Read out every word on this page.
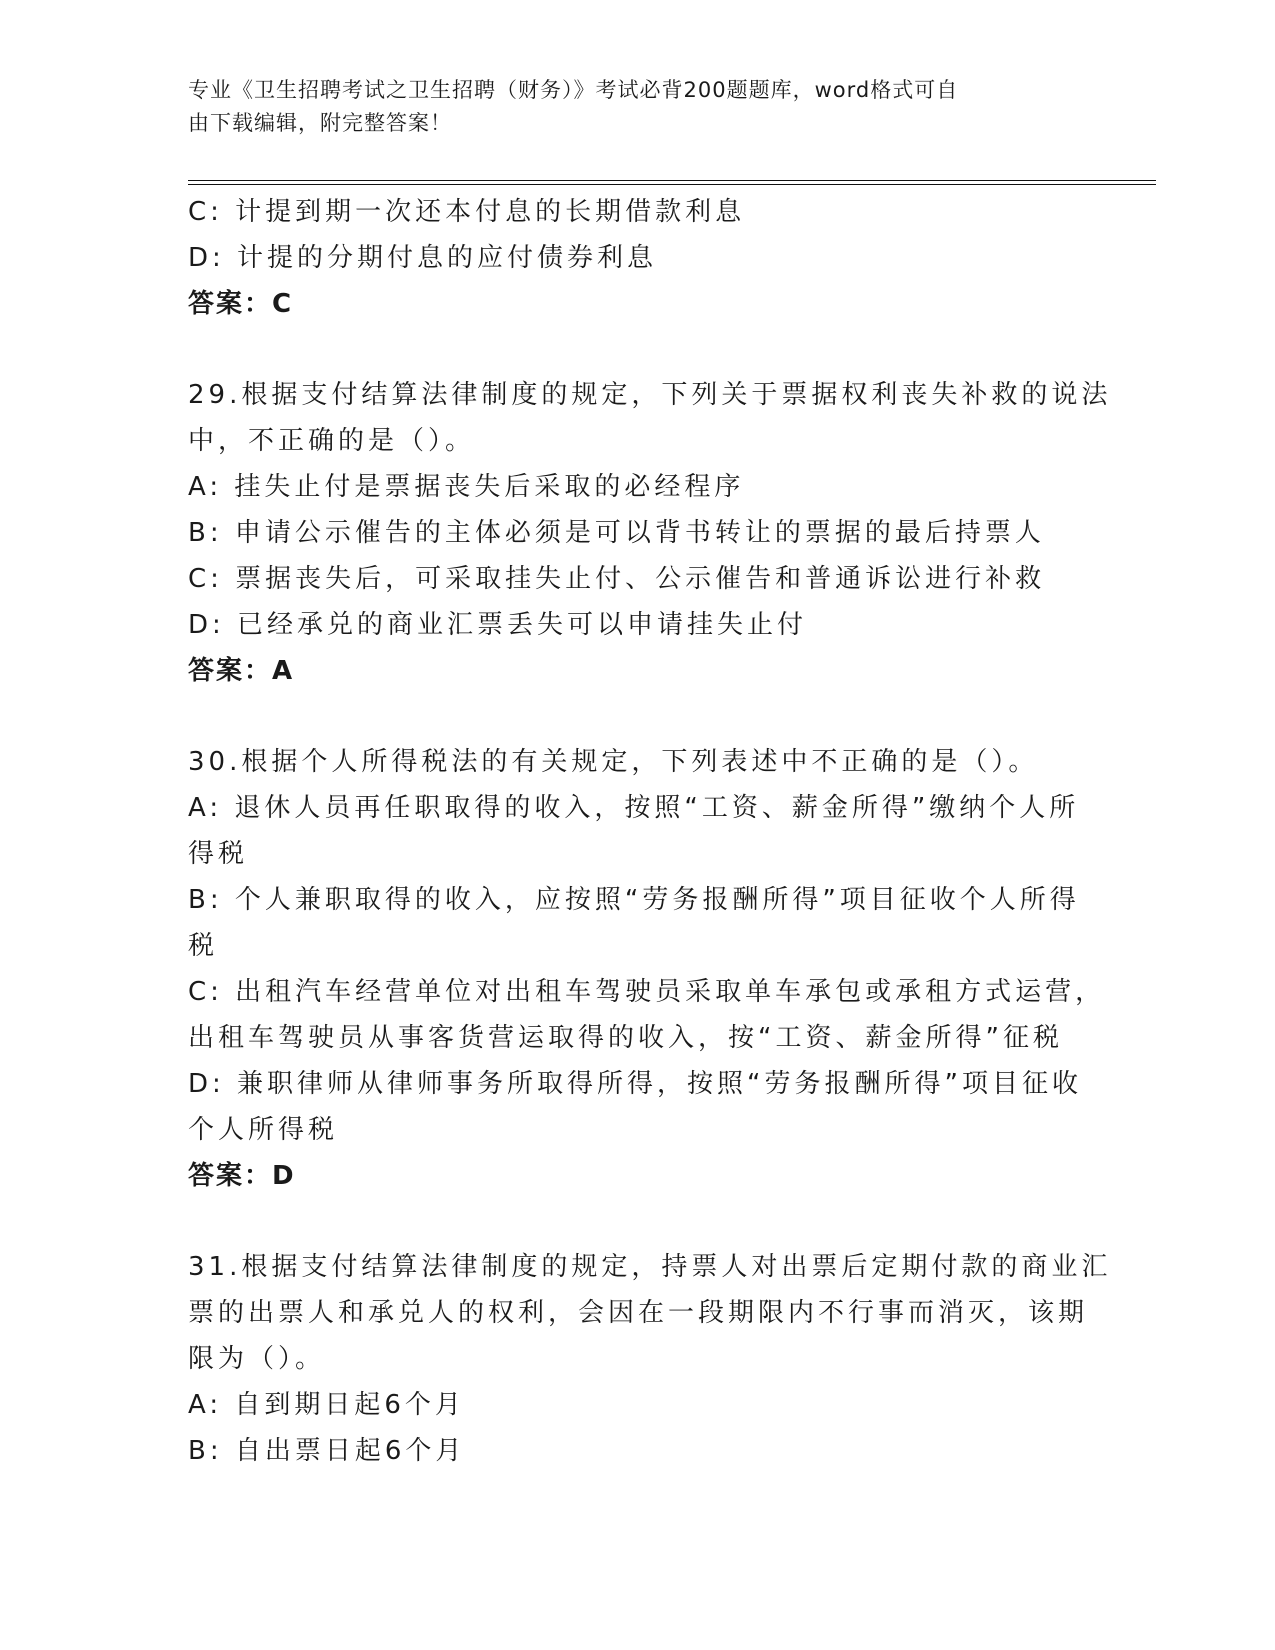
专业《卫生招聘考试之卫生招聘（财务）》考试必背200题题库，word格式可自
由下载编辑，附完整答案！
C: 计提到期一次还本付息的长期借款利息
D: 计提的分期付息的应付债券利息
答案：C
29.根据支付结算法律制度的规定，下列关于票据权利丧失补救的说法
中，不正确的是（）。
A: 挂失止付是票据丧失后采取的必经程序
B: 申请公示催告的主体必须是可以背书转让的票据的最后持票人
C: 票据丧失后，可采取挂失止付、公示催告和普通诉讼进行补救
D: 已经承兑的商业汇票丢失可以申请挂失止付
答案：A
30.根据个人所得税法的有关规定，下列表述中不正确的是（）。
A: 退休人员再任职取得的收入，按照“工资、薪金所得”缴纳个人所
得税
B: 个人兼职取得的收入，应按照“劳务报酬所得”项目征收个人所得
税
C: 出租汽车经营单位对出租车驾驶员采取单车承包或承租方式运营，
出租车驾驶员从事客货营运取得的收入，按“工资、薪金所得”征税
D: 兼职律师从律师事务所取得所得，按照“劳务报酬所得”项目征收
个人所得税
答案：D
31.根据支付结算法律制度的规定，持票人对出票后定期付款的商业汇
票的出票人和承兑人的权利，会因在一段期限内不行事而消灭，该期
限为（）。
A: 自到期日起6个月
B: 自出票日起6个月
